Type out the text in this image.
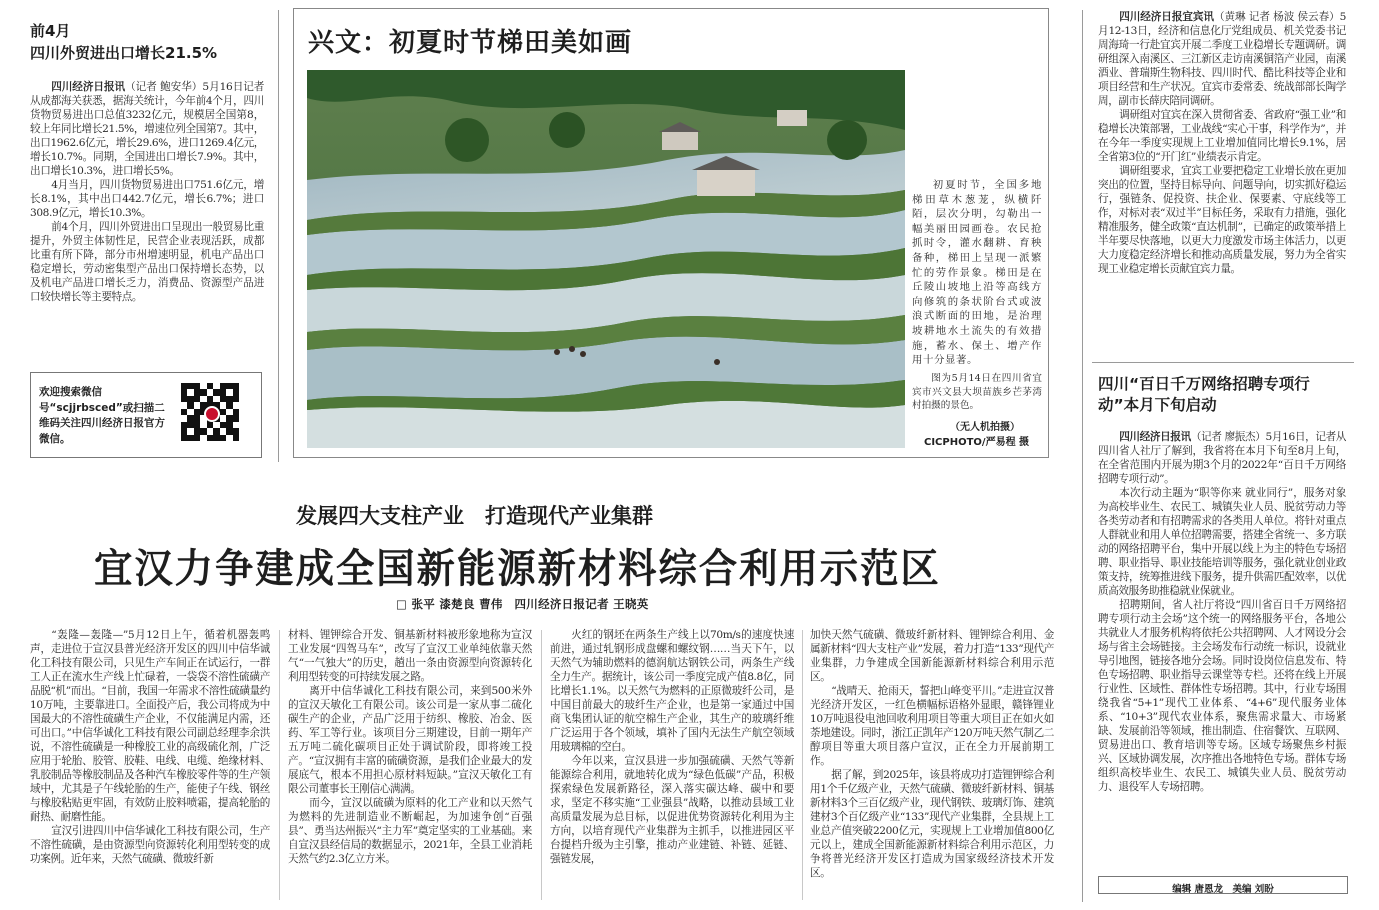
前4月
四川外贸进出口增长21.5%

四川经济日报讯（记者 鲍安华）5月16日记者从成都海关获悉，据海关统计，今年前4个月，四川货物贸易进出口总值3232亿元，规模居全国第8，较上年同比增长21.5%，增速位列全国第7。其中，出口1962.6亿元，增长29.6%，进口1269.4亿元，增长10.7%。同期，全国进出口增长7.9%。其中，出口增长10.3%，进口增长5%。

4月当月，四川货物贸易进出口751.6亿元，增长8.1%，其中出口442.7亿元，增长6.7%；进口308.9亿元，增长10.3%。

前4个月，四川外贸进出口呈现出一般贸易比重提升，外贸主体韧性足，民营企业表现活跃，成都比重有所下降，部分市州增速明显，机电产品出口稳定增长，劳动密集型产品出口保持增长态势，以及机电产品进口增长乏力，消费品、资源型产品进口较快增长等主要特点。

欢迎搜索微信号“scjjrbsced”或扫描二维码关注四川经济日报官方微信。
兴文：初夏时节梯田美如画

初夏时节，全国多地梯田草木葱茏，纵横阡陌，层次分明，勾勒出一幅美丽田园画卷。农民抢抓时令，灌水翻耕、育秧备种，梯田上呈现一派繁忙的劳作景象。梯田是在丘陵山坡地上沿等高线方向修筑的条状阶台式或波浪式断面的田地，是治理坡耕地水土流失的有效措施，蓄水、保土、增产作用十分显著。

图为5月14日在四川省宜宾市兴文县大坝苗族乡芒茅湾村拍摄的景色。

（无人机拍摄）
CICPHOTO/严易程 摄
发展四大支柱产业　打造现代产业集群
宜汉力争建成全国新能源新材料综合利用示范区
□ 张平 漆楚良 曹伟　四川经济日报记者 王晓英

“轰隆—轰隆—”5月12日上午，循着机器轰鸣声，走进位于宣汉县普光经济开发区的四川中信华诚化工科技有限公司，只见生产车间正在试运行，一群工人正在流水生产线上忙碌着，一袋袋不溶性硫磺产品脱“机”而出。“目前，我国一年需求不溶性硫磺量约10万吨，主要靠进口。全面投产后，我公司将成为中国最大的不溶性硫磺生产企业，不仅能满足内需，还可出口。”中信华诚化工科技有限公司副总经理李余洪说，不溶性硫磺是一种橡胶工业的高级硫化剂，广泛应用于轮胎、胶管、胶鞋、电线、电缆、绝缘材料、乳胶制品等橡胶制品及各种汽车橡胶零件等的生产领域中，尤其是子午线轮胎的生产，能使子午线、钢丝与橡胶粘贴更牢固，有效防止胶料喷霜，提高轮胎的耐热、耐磨性能。

宣汉引进四川中信华诚化工科技有限公司，生产不溶性硫磺，是由资源型向资源转化利用型转变的成功案例。近年来，天然气硫磺、微玻纤新

材料、锂钾综合开发、铜基新材料被形象地称为宣汉工业发展“四驾马车”，改写了宣汉工业单纯依靠天然气“一气独大”的历史，趟出一条由资源型向资源转化利用型转变的可持续发展之路。

离开中信华诚化工科技有限公司，来到500米外的宣汉天敏化工有限公司。该公司是一家从事二硫化碳生产的企业，产品广泛用于纺织、橡胶、冶金、医药、军工等行业。该项目分三期建设，目前一期年产五万吨二硫化碳项目正处于调试阶段，即将竣工投产。“宣汉拥有丰富的硫磺资源，是我们企业最大的发展底气，根本不用担心原材料短缺。”宣汉天敏化工有限公司董事长王刚信心满满。

而今，宣汉以硫磺为原料的化工产业和以天然气为燃料的先进制造业不断崛起，为加速争创“百强县”、勇当达州振兴“主力军”奠定坚实的工业基础。来自宣汉县经信局的数据显示，2021年，全县工业消耗天然气约2.3亿立方米。

火红的钢坯在两条生产线上以70m/s的速度快速前进，通过轧钢形成盘螺和螺纹钢……当天下午，以天然气为辅助燃料的德润航达钢铁公司，两条生产线全力生产。据统计，该公司一季度完成产值8.8亿，同比增长1.1%。以天然气为燃料的正原微玻纤公司，是中国目前最大的玻纤生产企业，也是第一家通过中国商飞集团认证的航空棉生产企业，其生产的玻璃纤维广泛运用于各个领域，填补了国内无法生产航空领域用玻璃棉的空白。

今年以来，宣汉县进一步加强硫磺、天然气等新能源综合利用，就地转化成为“绿色低碳”产品，积极探索绿色发展新路径，深入落实碳达峰、碳中和要求，坚定不移实施“工业强县”战略，以推动县域工业高质量发展为总目标，以促进优势资源转化利用为主方向，以培育现代产业集群为主抓手，以推进园区平台提档升级为主引擎，推动产业建链、补链、延链、强链发展，

加快天然气硫磺、微玻纤新材料、锂钾综合利用、金属新材料“四大支柱产业”发展，着力打造“133”现代产业集群，力争建成全国新能源新材料综合利用示范区。

“战晴天、抢雨天，誓把山峰变平川。”走进宣汉普光经济开发区，一红色横幅标语格外显眼，赣锋锂业10万吨退役电池回收利用项目等重大项目正在如火如荼地建设。同时，浙江正凯年产120万吨天然气制乙二醇项目等重大项目落户宣汉，正在全力开展前期工作。

据了解，到2025年，该县将成功打造锂钾综合利用1个千亿级产业，天然气硫磺、微玻纤新材料、铜基新材料3个三百亿级产业，现代钢铁、玻璃灯饰、建筑建材3个百亿级产业“133”现代产业集群，全县规上工业总产值突破2200亿元，实现规上工业增加值800亿元以上，建成全国新能源新材料综合利用示范区，力争将普光经济开发区打造成为国家级经济技术开发区。

四川经济日报宜宾讯（黄琳 记者 杨波 侯云春）5月12-13日，经济和信息化厅党组成员、机关党委书记周海琦一行赴宜宾开展二季度工业稳增长专题调研。调研组深入南溪区、三江新区走访南溪铜箔产业园，南溪酒业、普瑞斯生物科技、四川时代、酷比科技等企业和项目经营和生产状况。宜宾市委常委、统战部部长陶学周，副市长薛庆陪同调研。

调研组对宜宾在深入贯彻省委、省政府“强工业”和稳增长决策部署，工业战线“实心干事，科学作为”，并在今年一季度实现规上工业增加值同比增长9.1%，居全省第3位的“开门红”业绩表示肯定。

调研组要求，宜宾工业要把稳定工业增长放在更加突出的位置，坚持目标导向、问题导向，切实抓好稳运行，强链条、促投资、扶企业、保要素、守底线等工作，对标对表“双过半”目标任务，采取有力措施，强化精准服务，健全政策“直达机制”，已确定的政策举措上半年要尽快落地，以更大力度激发市场主体活力，以更大力度稳定经济增长和推动高质量发展，努力为全省实现工业稳定增长贡献宜宾力量。

四川“百日千万网络招聘专项行动”本月下旬启动

四川经济日报讯（记者 廖振杰）5月16日，记者从四川省人社厅了解到，我省将在本月下旬至8月上旬，在全省范围内开展为期3个月的2022年“百日千万网络招聘专项行动”。

本次行动主题为“职等你来 就业同行”，服务对象为高校毕业生、农民工、城镇失业人员、脱贫劳动力等各类劳动者和有招聘需求的各类用人单位。将针对重点人群就业和用人单位招聘需要，搭建全省统一、多方联动的网络招聘平台，集中开展以线上为主的特色专场招聘、职业指导、职业技能培训等服务，强化就业创业政策支持，统筹推进线下服务，提升供需匹配效率，以优质高效服务助推稳就业保就业。

招聘期间，省人社厅将设“四川省百日千万网络招聘专项行动主会场”这个统一的网络服务平台，各地公共就业人才服务机构将依托公共招聘网、人才网设分会场与省主会场链接。主会场发布行动统一标识，设就业导引地图，链接各地分会场。同时设岗位信息发布、特色专场招聘、职业指导云课堂等专栏。还将在线上开展行业性、区域性、群体性专场招聘。其中，行业专场围绕我省“5+1”现代工业体系、“4+6”现代服务业体系、“10+3”现代农业体系，聚焦需求量大、市场紧缺、发展前沿等领域，推出制造、住宿餐饮、互联网、贸易进出口、教育培训等专场。区域专场聚焦乡村振兴、区域协调发展，次序推出各地特色专场。群体专场组织高校毕业生、农民工、城镇失业人员、脱贫劳动力、退役军人专场招聘。

编辑 唐恩龙　美编 刘盼
